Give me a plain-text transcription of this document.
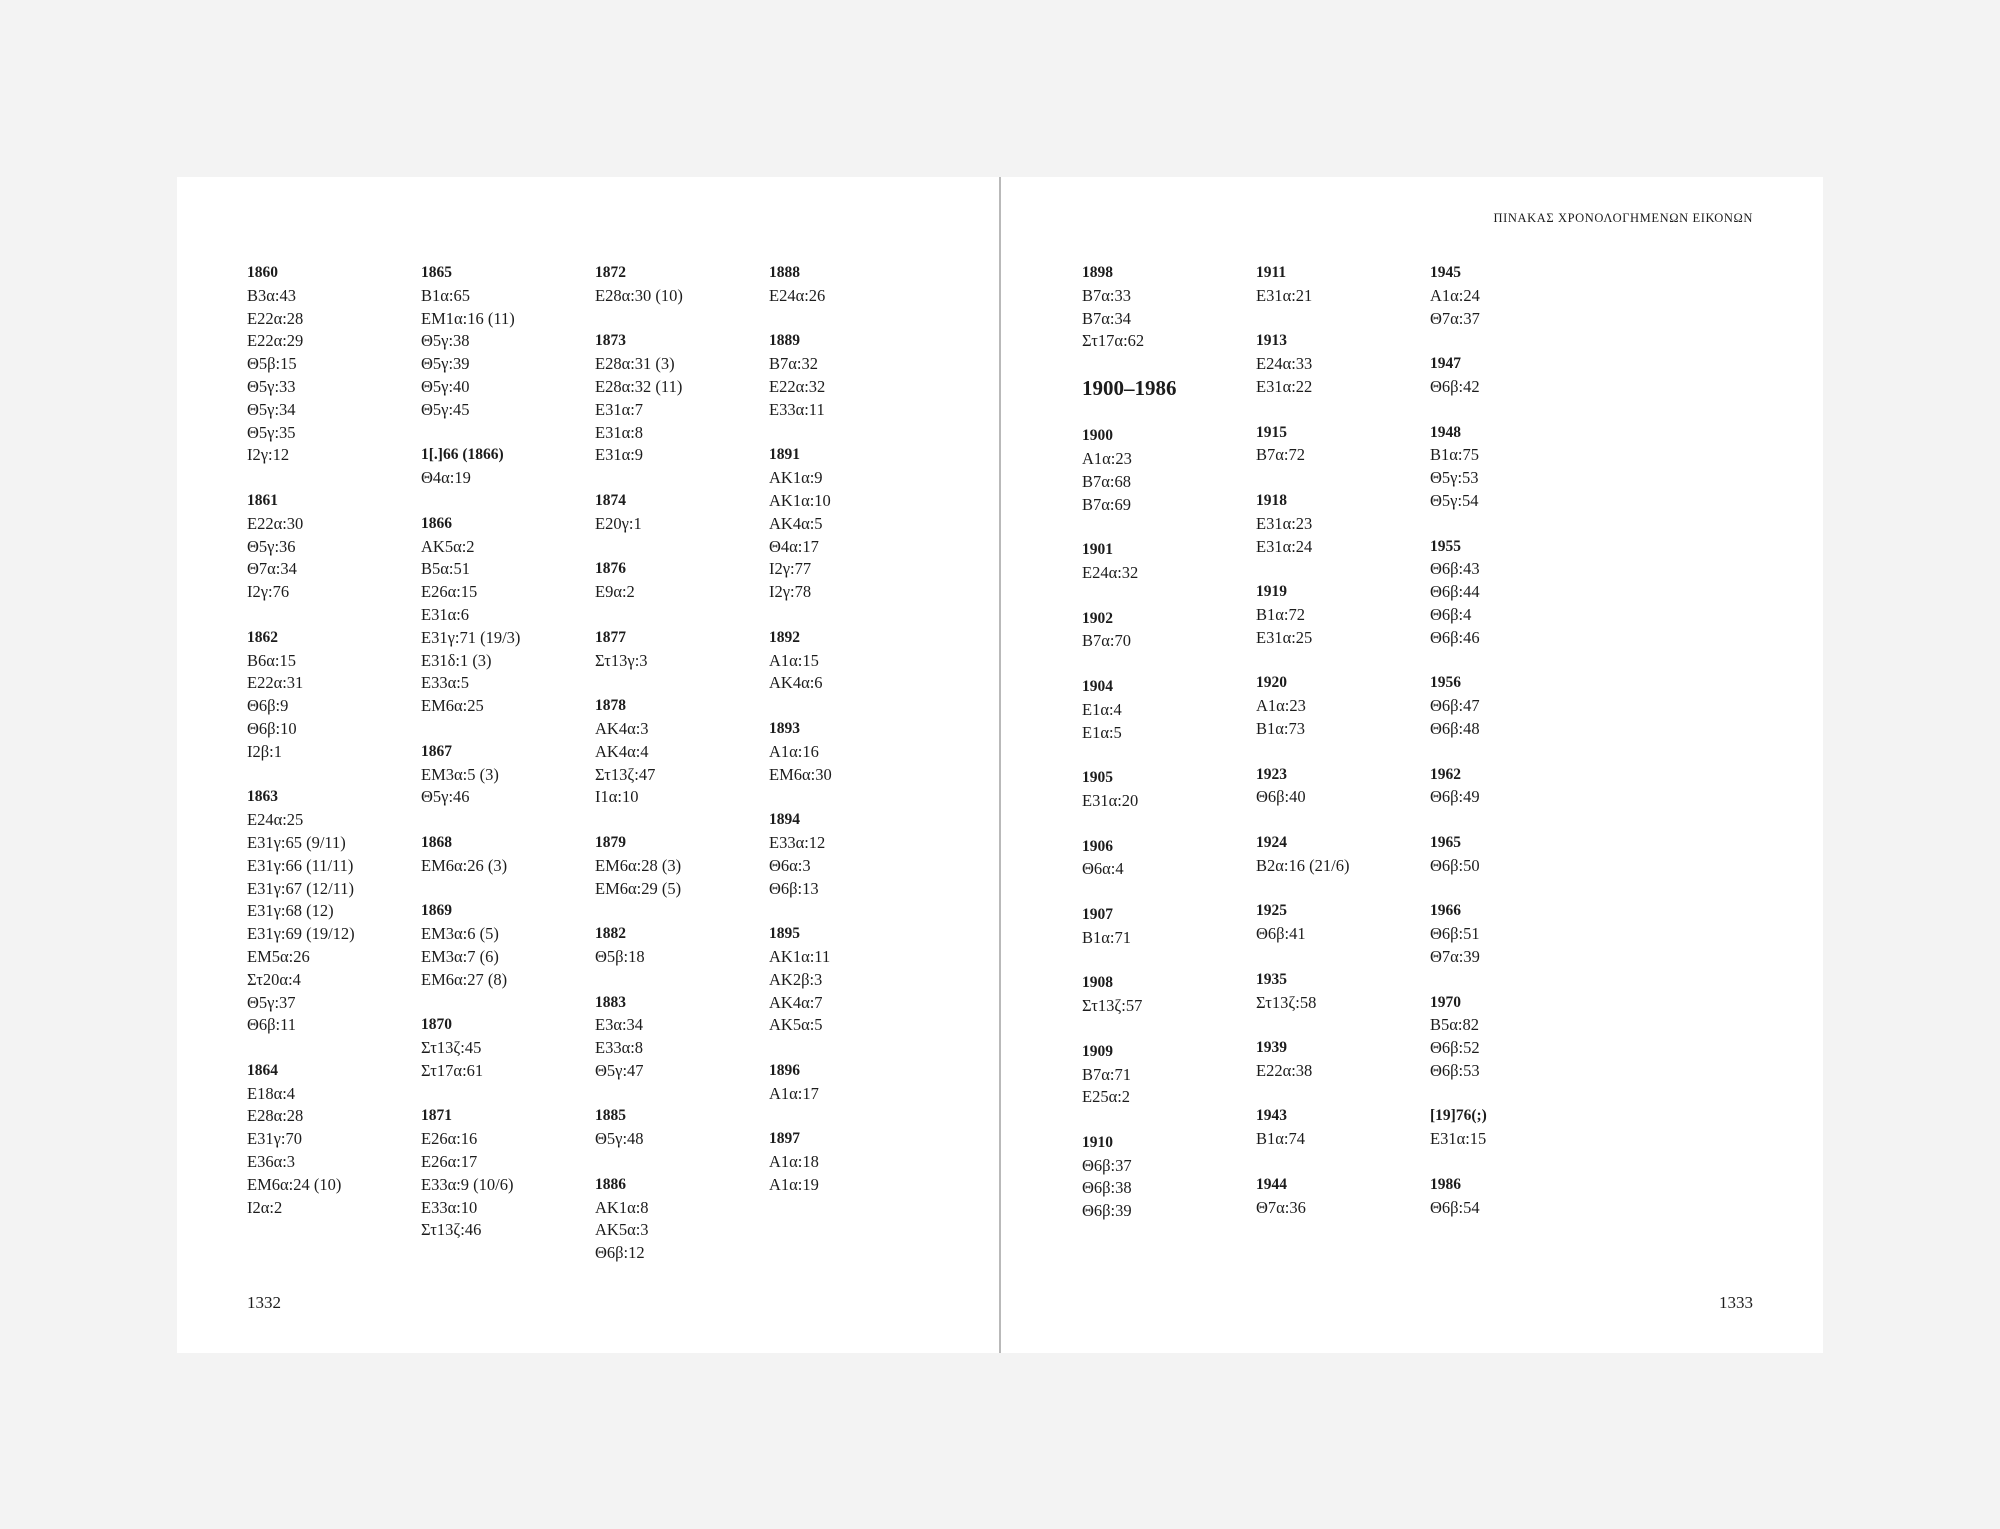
1860
Β3α:43
Ε22α:28
Ε22α:29
Θ5β:15
Θ5γ:33
Θ5γ:34
Θ5γ:35
Ι2γ:12
1861
Ε22α:30
Θ5γ:36
Θ7α:34
Ι2γ:76
1862
Β6α:15
Ε22α:31
Θ6β:9
Θ6β:10
Ι2β:1
1863
Ε24α:25
Ε31γ:65 (9/11)
Ε31γ:66 (11/11)
Ε31γ:67 (12/11)
Ε31γ:68 (12)
Ε31γ:69 (19/12)
ΕΜ5α:26
Στ20α:4
Θ5γ:37
Θ6β:11
1864
Ε18α:4
Ε28α:28
Ε31γ:70
Ε36α:3
ΕΜ6α:24 (10)
Ι2α:2
1865
Β1α:65
ΕΜ1α:16 (11)
Θ5γ:38
Θ5γ:39
Θ5γ:40
Θ5γ:45
1[.]66 (1866)
Θ4α:19
1866
ΑΚ5α:2
Β5α:51
Ε26α:15
Ε31α:6
Ε31γ:71 (19/3)
Ε31δ:1 (3)
Ε33α:5
ΕΜ6α:25
1867
ΕΜ3α:5 (3)
Θ5γ:46
1868
ΕΜ6α:26 (3)
1869
ΕΜ3α:6 (5)
ΕΜ3α:7 (6)
ΕΜ6α:27 (8)
1870
Στ13ζ:45
Στ17α:61
1871
Ε26α:16
Ε26α:17
Ε33α:9 (10/6)
Ε33α:10
Στ13ζ:46
1872
Ε28α:30 (10)
1873
Ε28α:31 (3)
Ε28α:32 (11)
Ε31α:7
Ε31α:8
Ε31α:9
1874
Ε20γ:1
1876
Ε9α:2
1877
Στ13γ:3
1878
ΑΚ4α:3
ΑΚ4α:4
Στ13ζ:47
Ι1α:10
1879
ΕΜ6α:28 (3)
ΕΜ6α:29 (5)
1882
Θ5β:18
1883
Ε3α:34
Ε33α:8
Θ5γ:47
1885
Θ5γ:48
1886
ΑΚ1α:8
ΑΚ5α:3
Θ6β:12
1888
Ε24α:26
1889
Β7α:32
Ε22α:32
Ε33α:11
1891
ΑΚ1α:9
ΑΚ1α:10
ΑΚ4α:5
Θ4α:17
Ι2γ:77
Ι2γ:78
1892
Α1α:15
ΑΚ4α:6
1893
Α1α:16
ΕΜ6α:30
1894
Ε33α:12
Θ6α:3
Θ6β:13
1895
ΑΚ1α:11
ΑΚ2β:3
ΑΚ4α:7
ΑΚ5α:5
1896
Α1α:17
1897
Α1α:18
Α1α:19
1332
ΠΙΝΑΚΑΣ ΧΡΟΝΟΛΟΓΗΜΕΝΩΝ ΕΙΚΟΝΩΝ
1898
Β7α:33
Β7α:34
Στ17α:62
1900–1986
1900
Α1α:23
Β7α:68
Β7α:69
1901
Ε24α:32
1902
Β7α:70
1904
Ε1α:4
Ε1α:5
1905
Ε31α:20
1906
Θ6α:4
1907
Β1α:71
1908
Στ13ζ:57
1909
Β7α:71
Ε25α:2
1910
Θ6β:37
Θ6β:38
Θ6β:39
1911
Ε31α:21
1913
Ε24α:33
Ε31α:22
1915
Β7α:72
1918
Ε31α:23
Ε31α:24
1919
Β1α:72
Ε31α:25
1920
Α1α:23
Β1α:73
1923
Θ6β:40
1924
Β2α:16 (21/6)
1925
Θ6β:41
1935
Στ13ζ:58
1939
Ε22α:38
1943
Β1α:74
1944
Θ7α:36
1945
Α1α:24
Θ7α:37
1947
Θ6β:42
1948
Β1α:75
Θ5γ:53
Θ5γ:54
1955
Θ6β:43
Θ6β:44
Θ6β:4
Θ6β:46
1956
Θ6β:47
Θ6β:48
1962
Θ6β:49
1965
Θ6β:50
1966
Θ6β:51
Θ7α:39
1970
Β5α:82
Θ6β:52
Θ6β:53
[19]76(;)
Ε31α:15
1986
Θ6β:54
1333
